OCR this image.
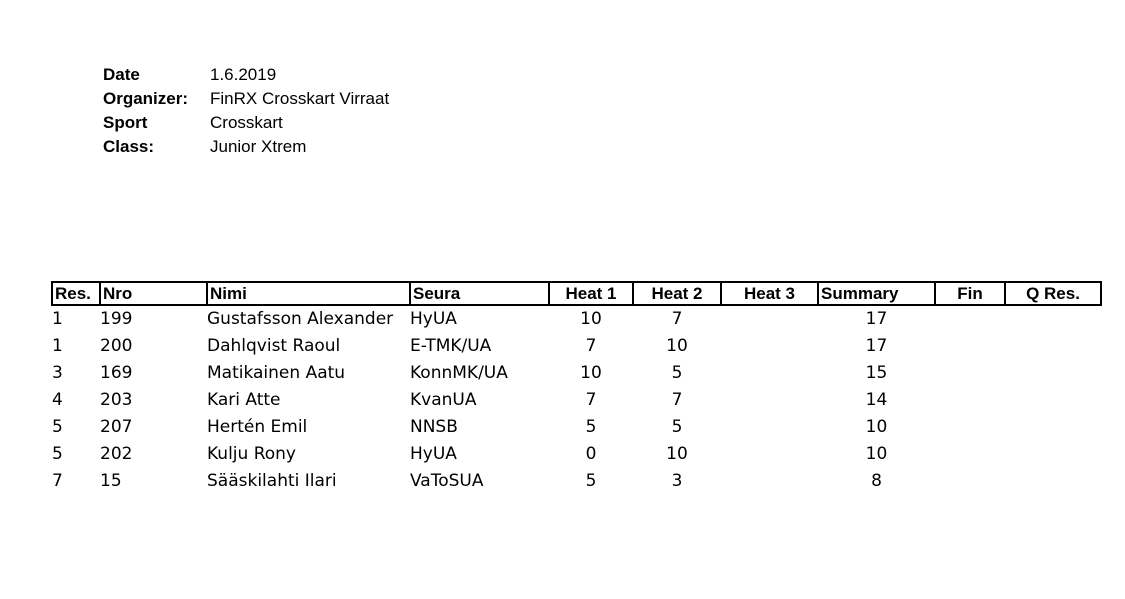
Date	1.6.2019
Organizer: FinRX Crosskart Virraat
Sport	Crosskart
Class:	Junior Xtrem
Res.	Nro	Nimi	Seura	Heat 1	Heat 2	Heat 3	Summary	Fin	Q Res.
1	199	Gustafsson Alexander	HyUA	10	7		17		
1	200	Dahlqvist Raoul	E-TMK/UA	7	10		17		
3	169	Matikainen Aatu	KonnMK/UA	10	5		15		
4	203	Kari Atte	KvanUA	7	7		14		
5	207	Hertén Emil	NNSB	5	5		10		
5	202	Kulju Rony	HyUA	0	10		10		
7	15	Sääskilahti Ilari	VaToSUA	5	3		8		
